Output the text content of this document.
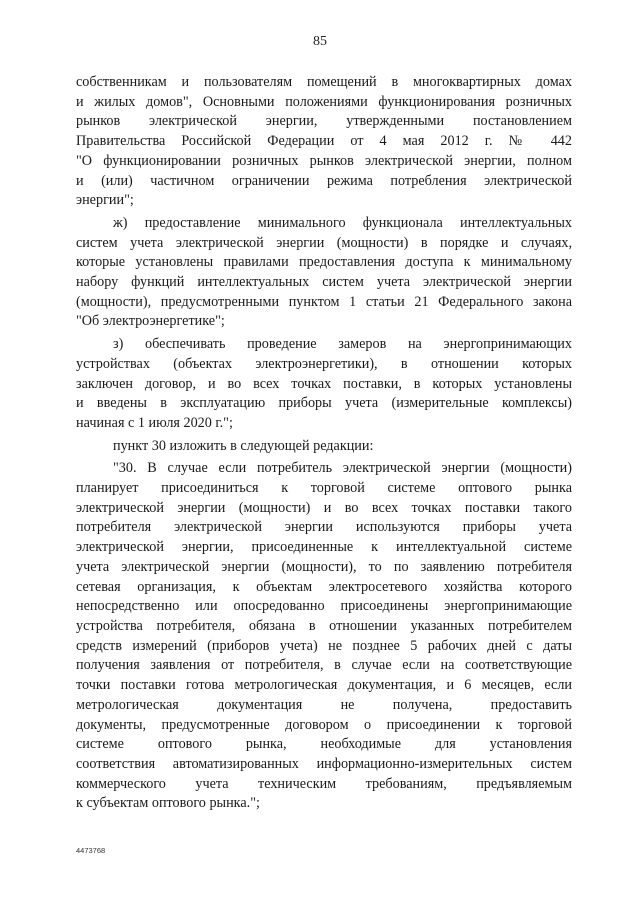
85
собственникам и пользователям помещений в многоквартирных домах
и жилых домов", Основными положениями функционирования розничных
рынков электрической энергии, утвержденными постановлением
Правительства Российской Федерации от 4 мая 2012 г. № 442
"О функционировании розничных рынков электрической энергии, полном
и (или) частичном ограничении режима потребления электрической
энергии";
ж) предоставление минимального функционала интеллектуальных
систем учета электрической энергии (мощности) в порядке и случаях,
которые установлены правилами предоставления доступа к минимальному
набору функций интеллектуальных систем учета электрической энергии
(мощности), предусмотренными пунктом 1 статьи 21 Федерального закона
"Об электроэнергетике";
з) обеспечивать проведение замеров на энергопринимающих
устройствах (объектах электроэнергетики), в отношении которых
заключен договор, и во всех точках поставки, в которых установлены
и введены в эксплуатацию приборы учета (измерительные комплексы)
начиная с 1 июля 2020 г.";
пункт 30 изложить в следующей редакции:
"30. В случае если потребитель электрической энергии (мощности)
планирует присоединиться к торговой системе оптового рынка
электрической энергии (мощности) и во всех точках поставки такого
потребителя электрической энергии используются приборы учета
электрической энергии, присоединенные к интеллектуальной системе
учета электрической энергии (мощности), то по заявлению потребителя
сетевая организация, к объектам электросетевого хозяйства которого
непосредственно или опосредованно присоединены энергопринимающие
устройства потребителя, обязана в отношении указанных потребителем
средств измерений (приборов учета) не позднее 5 рабочих дней с даты
получения заявления от потребителя, в случае если на соответствующие
точки поставки готова метрологическая документация, и 6 месяцев, если
метрологическая документация не получена, предоставить
документы, предусмотренные договором о присоединении к торговой
системе оптового рынка, необходимые для установления
соответствия автоматизированных информационно-измерительных систем
коммерческого учета техническим требованиям, предъявляемым
к субъектам оптового рынка.";
4473768
